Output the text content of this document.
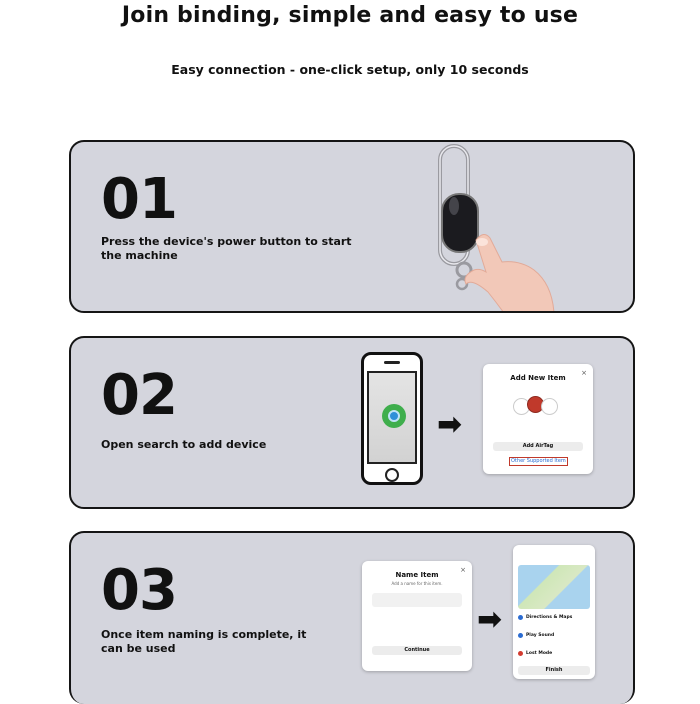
Join binding, simple and easy to use
Easy connection - one-click setup, only 10 seconds
01
Press the device's power button to start
the machine
02
Open search to add device
➡
Add New Item
×
Add AirTag
Other Supported Item
03
Once item naming is complete, it
can be used
Name Item
Add a name for this item.
×
Continue
➡	Directions & Maps
Play Sound
Lost Mode
Finish
